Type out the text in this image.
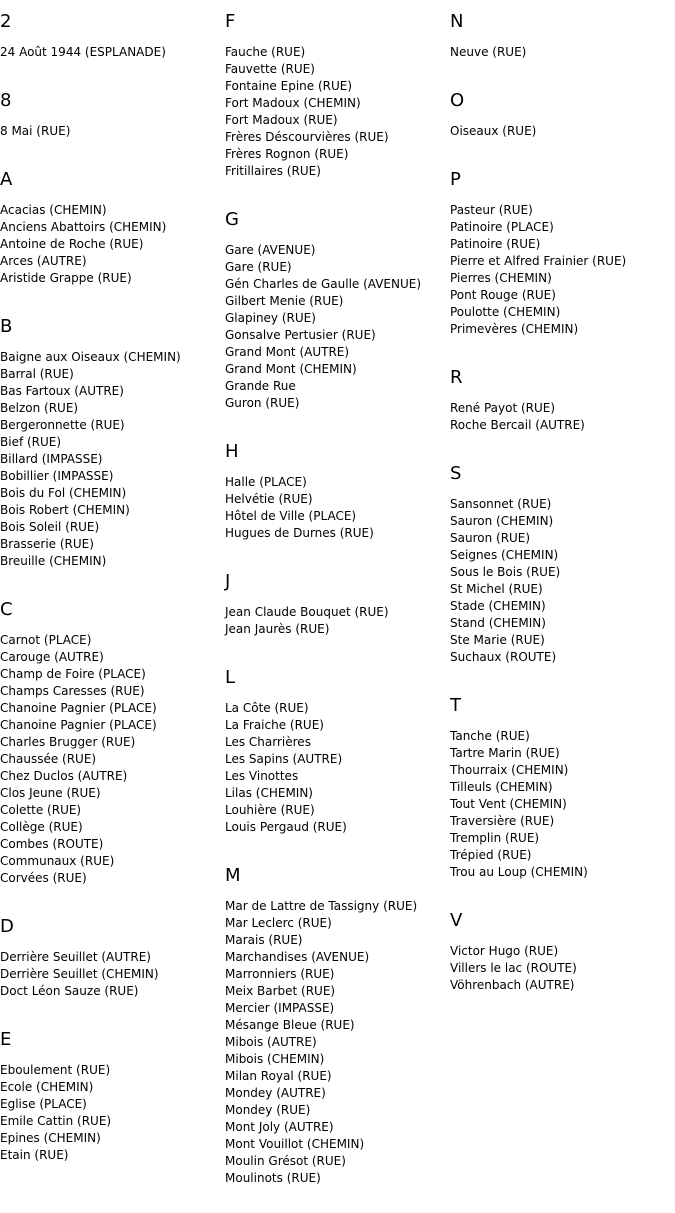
2
24 Août 1944 (ESPLANADE)
8
8 Mai (RUE)
A
Acacias (CHEMIN)
Anciens Abattoirs (CHEMIN)
Antoine de Roche (RUE)
Arces (AUTRE)
Aristide Grappe (RUE)
B
Baigne aux Oiseaux (CHEMIN)
Barral (RUE)
Bas Fartoux (AUTRE)
Belzon (RUE)
Bergeronnette (RUE)
Bief (RUE)
Billard (IMPASSE)
Bobillier (IMPASSE)
Bois du Fol (CHEMIN)
Bois Robert (CHEMIN)
Bois Soleil (RUE)
Brasserie (RUE)
Breuille (CHEMIN)
C
Carnot (PLACE)
Carouge (AUTRE)
Champ de Foire (PLACE)
Champs Caresses (RUE)
Chanoine Pagnier (PLACE)
Chanoine Pagnier (PLACE)
Charles Brugger (RUE)
Chaussée (RUE)
Chez Duclos (AUTRE)
Clos Jeune (RUE)
Colette (RUE)
Collège (RUE)
Combes (ROUTE)
Communaux (RUE)
Corvées (RUE)
D
Derrière Seuillet (AUTRE)
Derrière Seuillet (CHEMIN)
Doct Léon Sauze (RUE)
E
Eboulement (RUE)
Ecole (CHEMIN)
Eglise (PLACE)
Emile Cattin (RUE)
Epines (CHEMIN)
Etain (RUE)
F
Fauche (RUE)
Fauvette (RUE)
Fontaine Epine (RUE)
Fort Madoux (CHEMIN)
Fort Madoux (RUE)
Frères Déscourvières (RUE)
Frères Rognon (RUE)
Fritillaires (RUE)
G
Gare (AVENUE)
Gare (RUE)
Gén Charles de Gaulle (AVENUE)
Gilbert Menie (RUE)
Glapiney (RUE)
Gonsalve Pertusier (RUE)
Grand Mont (AUTRE)
Grand Mont (CHEMIN)
Grande Rue
Guron (RUE)
H
Halle (PLACE)
Helvétie (RUE)
Hôtel de Ville (PLACE)
Hugues de Durnes (RUE)
J
Jean Claude Bouquet (RUE)
Jean Jaurès (RUE)
L
La Côte (RUE)
La Fraiche (RUE)
Les Charrières
Les Sapins (AUTRE)
Les Vinottes
Lilas (CHEMIN)
Louhière (RUE)
Louis Pergaud (RUE)
M
Mar de Lattre de Tassigny (RUE)
Mar Leclerc (RUE)
Marais (RUE)
Marchandises (AVENUE)
Marronniers (RUE)
Meix Barbet (RUE)
Mercier (IMPASSE)
Mésange Bleue (RUE)
Mibois (AUTRE)
Mibois (CHEMIN)
Milan Royal (RUE)
Mondey (AUTRE)
Mondey (RUE)
Mont Joly (AUTRE)
Mont Vouillot (CHEMIN)
Moulin Grésot (RUE)
Moulinots (RUE)
N
Neuve (RUE)
O
Oiseaux (RUE)
P
Pasteur (RUE)
Patinoire (PLACE)
Patinoire (RUE)
Pierre et Alfred Frainier (RUE)
Pierres (CHEMIN)
Pont Rouge (RUE)
Poulotte (CHEMIN)
Primevères (CHEMIN)
R
René Payot (RUE)
Roche Bercail (AUTRE)
S
Sansonnet (RUE)
Sauron (CHEMIN)
Sauron (RUE)
Seignes (CHEMIN)
Sous le Bois (RUE)
St Michel (RUE)
Stade (CHEMIN)
Stand (CHEMIN)
Ste Marie (RUE)
Suchaux (ROUTE)
T
Tanche (RUE)
Tartre Marin (RUE)
Thourraix (CHEMIN)
Tilleuls (CHEMIN)
Tout Vent (CHEMIN)
Traversière (RUE)
Tremplin (RUE)
Trépied (RUE)
Trou au Loup (CHEMIN)
V
Victor Hugo (RUE)
Villers le lac (ROUTE)
Vöhrenbach (AUTRE)
